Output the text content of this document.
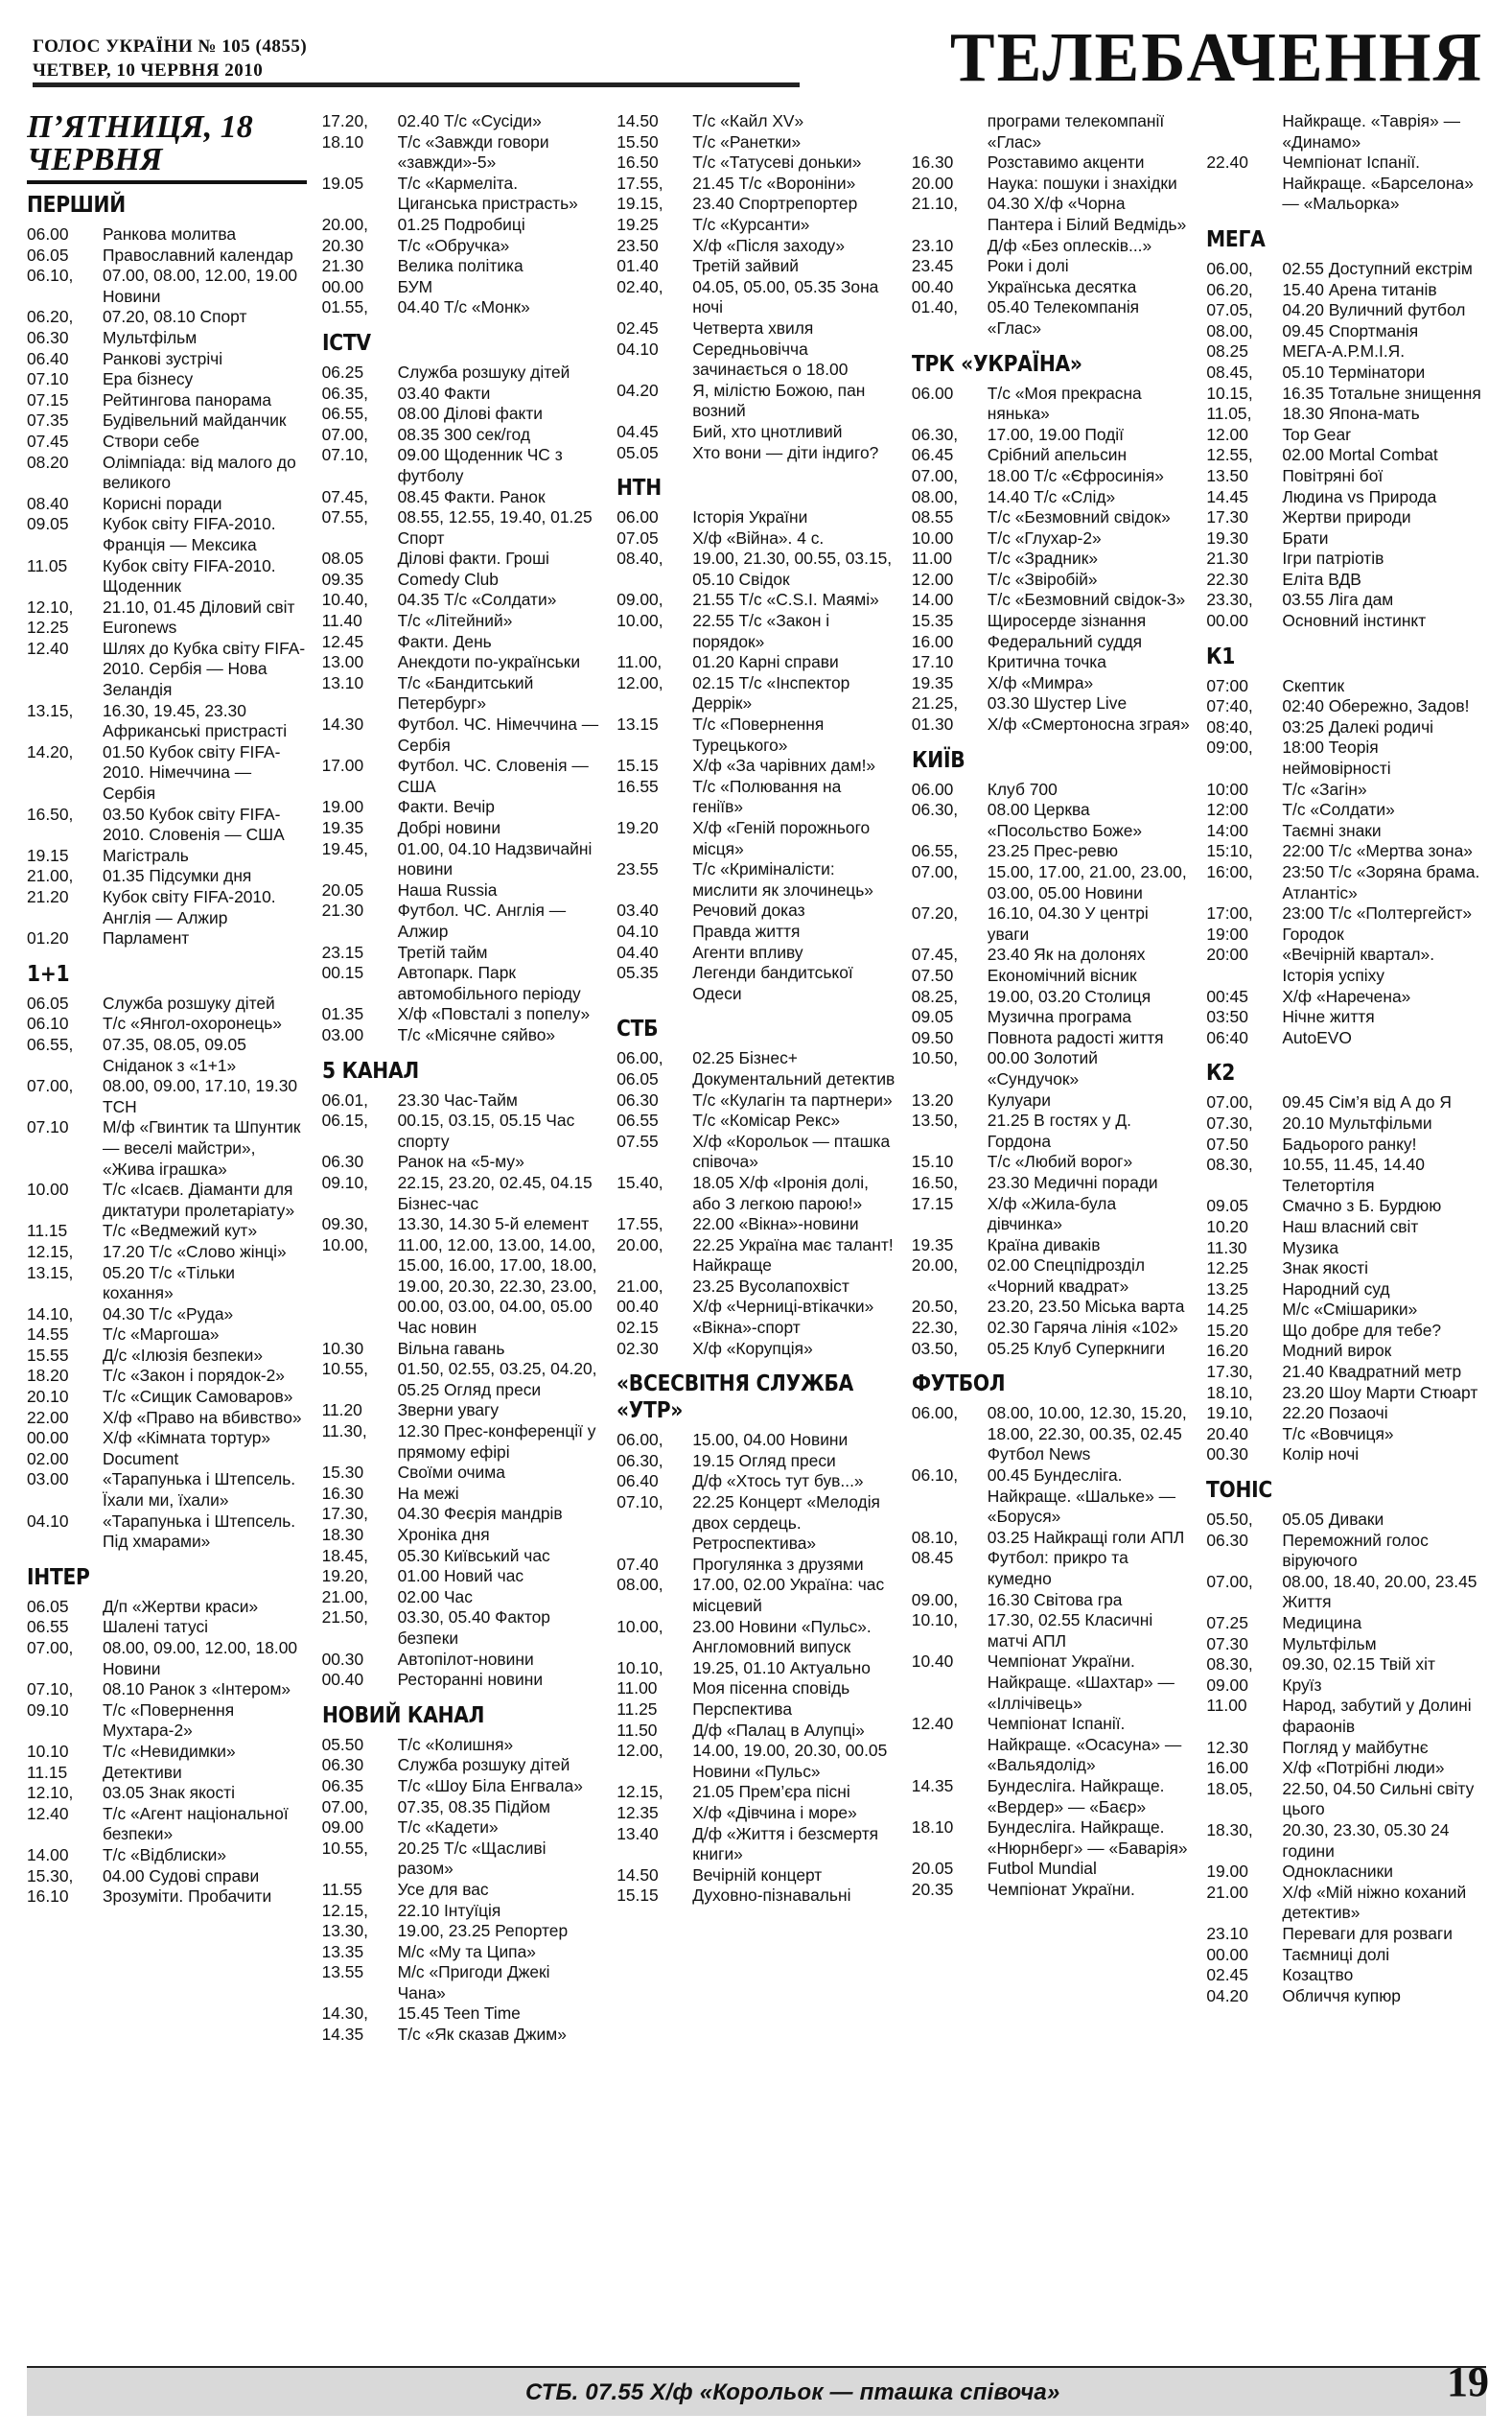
ГОЛОС УКРАЇНИ № 105 (4855)
ЧЕТВЕР, 10 ЧЕРВНЯ 2010	ТЕЛЕБАЧЕННЯ
П’ЯТНИЦЯ, 18 ЧЕРВНЯ
ПЕРШИЙ
06.00 Ранкова молитва
06.05 Православний календар
06.10, 07.00, 08.00, 12.00, 19.00 Новини
06.20, 07.20, 08.10 Спорт
06.30 Мультфільм
06.40 Ранкові зустрічі
07.10 Ера бізнесу
07.15 Рейтингова панорама
07.35 Будівельний майданчик
07.45 Створи себе
08.20 Олімпіада: від малого до великого
08.40 Корисні поради
09.05 Кубок світу FIFA-2010. Франція — Мексика
11.05 Кубок світу FIFA-2010. Щоденник
12.10, 21.10, 01.45 Діловий світ
12.25 Euronews
12.40 Шлях до Кубка світу FIFA-2010. Сербія — Нова Зеландія
13.15, 16.30, 19.45, 23.30 Африканські пристрасті
14.20, 01.50 Кубок світу FIFA-2010. Німеччина — Сербія
16.50, 03.50 Кубок світу FIFA-2010. Словенія — США
19.15 Магістраль
21.00, 01.35 Підсумки дня
21.20 Кубок світу FIFA-2010. Англія — Алжир
01.20 Парламент
1+1
06.05 Служба розшуку дітей
06.10 Т/с «Янгол-охоронець»
06.55, 07.35, 08.05, 09.05 Сніданок з «1+1»
07.00, 08.00, 09.00, 17.10, 19.30 ТСН
07.10 М/ф «Гвинтик та Шпунтик — веселі майстри», «Жива іграшка»
10.00 Т/с «Ісаєв. Діаманти для диктатури пролетаріату»
11.15 Т/с «Ведмежий кут»
12.15, 17.20 Т/с «Слово жінці»
13.15, 05.20 Т/с «Тільки кохання»
14.10, 04.30 Т/с «Руда»
14.55 Т/с «Маргоша»
15.55 Д/с «Ілюзія безпеки»
18.20 Т/с «Закон і порядок-2»
20.10 Т/с «Сищик Самоваров»
22.00 Х/ф «Право на вбивство»
00.00 Х/ф «Кімната тортур»
02.00 Document
03.00 «Тарапунька і Штепсель. Їхали ми, їхали»
04.10 «Тарапунька і Штепсель. Під хмарами»
ІНТЕР
06.05 Д/п «Жертви краси»
06.55 Шалені татусі
07.00, 08.00, 09.00, 12.00, 18.00 Новини
07.10, 08.10 Ранок з «Інтером»
09.10 Т/с «Повернення Мухтара-2»
10.10 Т/с «Невидимки»
11.15 Детективи
12.10, 03.05 Знак якості
12.40 Т/с «Агент національної безпеки»
14.00 Т/с «Відблиски»
15.30, 04.00 Судові справи
16.10 Зрозуміти. Пробачити
17.20, 02.40 Т/с «Сусіди»
18.10 Т/с «Завжди говори «завжди»-5»
19.05 Т/с «Кармеліта. Циганська пристрасть»
20.00, 01.25 Подробиці
20.30 Т/с «Обручка»
21.30 Велика політика
00.00 БУМ
01.55, 04.40 Т/с «Монк»
ICTV
06.25 Служба розшуку дітей
06.35, 03.40 Факти
06.55, 08.00 Ділові факти
07.00, 08.35 300 сек/год
07.10, 09.00 Щоденник ЧС з футболу
07.45, 08.45 Факти. Ранок
07.55, 08.55, 12.55, 19.40, 01.25 Спорт
08.05 Ділові факти. Гроші
09.35 Comedy Club
10.40, 04.35 Т/с «Солдати»
11.40 Т/с «Літейний»
12.45 Факти. День
13.00 Анекдоти по-українськи
13.10 Т/с «Бандитський Петербург»
14.30 Футбол. ЧС. Німеччина — Сербія
17.00 Футбол. ЧС. Словенія — США
19.00 Факти. Вечір
19.35 Добрі новини
19.45, 01.00, 04.10 Надзвичайні новини
20.05 Наша Russia
21.30 Футбол. ЧС. Англія — Алжир
23.15 Третій тайм
00.15 Автопарк. Парк автомобільного періоду
01.35 Х/ф «Повсталі з попелу»
03.00 Т/с «Місячне сяйво»
5 КАНАЛ
06.01, 23.30 Час-Тайм
06.15, 00.15, 03.15, 05.15 Час спорту
06.30 Ранок на «5-му»
09.10, 22.15, 23.20, 02.45, 04.15 Бізнес-час
09.30, 13.30, 14.30 5-й елемент
10.00, 11.00, 12.00, 13.00, 14.00, 15.00, 16.00, 17.00, 18.00, 19.00, 20.30, 22.30, 23.00, 00.00, 03.00, 04.00, 05.00 Час новин
10.30 Вільна гавань
10.55, 01.50, 02.55, 03.25, 04.20, 05.25 Огляд преси
11.20 Зверни увагу
11.30, 12.30 Прес-конференції у прямому ефірі
15.30 Своїми очима
16.30 На межі
17.30, 04.30 Феєрія мандрів
18.30 Хроніка дня
18.45, 05.30 Київський час
19.20, 01.00 Новий час
21.00, 02.00 Час
21.50, 03.30, 05.40 Фактор безпеки
00.30 Автопілот-новини
00.40 Ресторанні новини
НОВИЙ КАНАЛ
05.50 Т/с «Колишня»
06.30 Служба розшуку дітей
06.35 Т/с «Шоу Біла Енгвала»
07.00, 07.35, 08.35 Підйом
09.00 Т/с «Кадети»
10.55, 20.25 Т/с «Щасливі разом»
11.55 Усе для вас
12.15, 22.10 Інтуїція
13.30, 19.00, 23.25 Репортер
13.35 М/с «Му та Ципа»
13.55 М/с «Пригоди Джекі Чана»
14.30, 15.45 Teen Time
14.35 Т/с «Як сказав Джим»
14.50 Т/с «Кайл XV»
15.50 Т/с «Ранетки»
16.50 Т/с «Татусеві доньки»
17.55, 21.45 Т/с «Вороніни»
19.15, 23.40 Спортрепортер
19.25 Т/с «Курсанти»
23.50 Х/ф «Після заходу»
01.40 Третій зайвий
02.40, 04.05, 05.00, 05.35 Зона ночі
02.45 Четверта хвиля
04.10 Середньовічча зачинається о 18.00
04.20 Я, мілістю Божою, пан возний
04.45 Бий, хто цнотливий
05.05 Хто вони — діти індиго?
НТН
06.00 Історія України
07.05 Х/ф «Війна». 4 с.
08.40, 19.00, 21.30, 00.55, 03.15, 05.10 Свідок
09.00, 21.55 Т/с «C.S.I. Маямі»
10.00, 22.55 Т/с «Закон і порядок»
11.00, 01.20 Карні справи
12.00, 02.15 Т/с «Інспектор Деррік»
13.15 Т/с «Повернення Турецького»
15.15 Х/ф «За чарівних дам!»
16.55 Т/с «Полювання на геніїв»
19.20 Х/ф «Геній порожнього місця»
23.55 Т/с «Криміналісти: мислити як злочинець»
03.40 Речовий доказ
04.10 Правда життя
04.40 Агенти впливу
05.35 Легенди бандитської Одеси
СТБ
06.00, 02.25 Бізнес+
06.05 Документальний детектив
06.30 Т/с «Кулагін та партнери»
06.55 Т/с «Комісар Рекс»
07.55 Х/ф «Корольок — пташка співоча»
15.40, 18.05 Х/ф «Іронія долі, або З легкою парою!»
17.55, 22.00 «Вікна»-новини
20.00, 22.25 Україна має талант! Найкраще
21.00, 23.25 Вусолапохвіст
00.40 Х/ф «Черниці-втікачки»
02.15 «Вікна»-спорт
02.30 Х/ф «Корупція»
«ВСЕСВІТНЯ СЛУЖБА «УТР»
06.00, 15.00, 04.00 Новини
06.30, 19.15 Огляд преси
06.40 Д/ф «Хтось тут був...»
07.10, 22.25 Концерт «Мелодія двох сердець. Ретроспектива»
07.40 Прогулянка з друзями
08.00, 17.00, 02.00 Україна: час місцевий
10.00, 23.00 Новини «Пульс». Англомовний випуск
10.10, 19.25, 01.10 Актуально
11.00 Моя пісенна сповідь
11.25 Перспектива
11.50 Д/ф «Палац в Алупці»
12.00, 14.00, 19.00, 20.30, 00.05 Новини «Пульс»
12.15, 21.05 Прем’єра пісні
12.35 Х/ф «Дівчина і море»
13.40 Д/ф «Життя і безсмертя книги»
14.50 Вечірній концерт
15.15 Духовно-пізнавальні
програми телекомпанії «Глас»
16.30 Розставимо акценти
20.00 Наука: пошуки і знахідки
21.10, 04.30 Х/ф «Чорна Пантера і Білий Ведмідь»
23.10 Д/ф «Без оплесків...»
23.45 Роки і долі
00.40 Українська десятка
01.40, 05.40 Телекомпанія «Глас»
ТРК «УКРАЇНА»
06.00 Т/с «Моя прекрасна нянька»
06.30, 17.00, 19.00 Події
06.45 Срібний апельсин
07.00, 18.00 Т/с «Єфросинія»
08.00, 14.40 Т/с «Слід»
08.55 Т/с «Безмовний свідок»
10.00 Т/с «Глухар-2»
11.00 Т/с «Зрадник»
12.00 Т/с «Звіробій»
14.00 Т/с «Безмовний свідок-3»
15.35 Щиросерде зізнання
16.00 Федеральний суддя
17.10 Критична точка
19.35 Х/ф «Мимра»
21.25, 03.30 Шустер Live
01.30 Х/ф «Смертоносна згрaя»
КИЇВ
06.00 Клуб 700
06.30, 08.00 Церква «Посольство Боже»
06.55, 23.25 Прес-ревю
07.00, 15.00, 17.00, 21.00, 23.00, 03.00, 05.00 Новини
07.20, 16.10, 04.30 У центрі уваги
07.45, 23.40 Як на долонях
07.50 Економічний вісник
08.25, 19.00, 03.20 Столиця
09.05 Музична програма
09.50 Повнота радості життя
10.50, 00.00 Золотий «Сундучок»
13.20 Кулуари
13.50, 21.25 В гостях у Д. Гордона
15.10 Т/с «Любий ворог»
16.50, 23.30 Медичні поради
17.15 Х/ф «Жила-була дівчинка»
19.35 Країна диваків
20.00, 02.00 Спецпідрозділ «Чорний квадрат»
20.50, 23.20, 23.50 Міська варта
22.30, 02.30 Гаряча лінія «102»
03.50, 05.25 Клуб Суперкниги
ФУТБОЛ
06.00, 08.00, 10.00, 12.30, 15.20, 18.00, 22.30, 00.35, 02.45 Футбол News
06.10, 00.45 Бундесліга. Найкраще. «Шальке» — «Боруся»
08.10, 03.25 Найкращі голи АПЛ
08.45 Футбол: прикро та кумедно
09.00, 16.30 Світова гра
10.10, 17.30, 02.55 Класичні матчі АПЛ
10.40 Чемпіонат України. Найкраще. «Шахтар» — «Іллічівець»
12.40 Чемпіонат Іспанії. Найкраще. «Осасуна» — «Вальядолід»
14.35 Бундесліга. Найкраще. «Вердер» — «Баєр»
18.10 Бундесліга. Найкраще. «Нюрнберг» — «Баварія»
20.05 Futbol Mundial
20.35 Чемпіонат України.
Найкраще. «Таврія» — «Динамо»
22.40 Чемпіонат Іспанії. Найкраще. «Барселона» — «Мальорка»
МЕГА
06.00, 02.55 Доступний екстрім
06.20, 15.40 Арена титанів
07.05, 04.20 Вуличний футбол
08.00, 09.45 Спортманія
08.25 МЕГА-А.Р.М.І.Я.
08.45, 05.10 Термінатори
10.15, 16.35 Тотальне знищення
11.05, 18.30 Японa-мать
12.00 Top Gear
12.55, 02.00 Mortal Combat
13.50 Повітряні бої
14.45 Людина vs Природа
17.30 Жертви природи
19.30 Брати
21.30 Ігри патріотів
22.30 Еліта ВДВ
23.30, 03.55 Ліга дам
00.00 Основний інстинкт
К1
07:00 Скептик
07:40, 02:40 Обережно, Задов!
08:40, 03:25 Далекі родичі
09:00, 18:00 Теорія неймовірності
10:00 Т/с «Загін»
12:00 Т/с «Солдати»
14:00 Таємні знаки
15:10, 22:00 Т/с «Мертва зона»
16:00, 23:50 Т/с «Зоряна брама. Атлантіс»
17:00, 23:00 Т/с «Полтергейст»
19:00 Городок
20:00 «Вечірній квартал». Історія успіху
00:45 Х/ф «Наречена»
03:50 Нічне життя
06:40 AutoEVO
К2
07.00, 09.45 Сім’я від А до Я
07.30, 20.10 Мультфільми
07.50 Бадьорого ранку!
08.30, 10.55, 11.45, 14.40 Телетортіля
09.05 Смачно з Б. Бурдюю
10.20 Наш власний світ
11.30 Музика
12.25 Знак якості
13.25 Народний суд
14.25 М/с «Смішарики»
15.20 Що добре для тебе?
16.20 Модний вирок
17.30, 21.40 Квадратний метр
18.10, 23.20 Шоу Марти Стюарт
19.10, 22.20 Позаочі
20.40 Т/с «Вовчиця»
00.30 Колір ночі
ТОНІС
05.50, 05.05 Диваки
06.30 Переможний голос віруючого
07.00, 08.00, 18.40, 20.00, 23.45 Життя
07.25 Медицина
07.30 Мультфільм
08.30, 09.30, 02.15 Твій хіт
09.00 Круїз
11.00 Народ, забутий у Долині фараонів
12.30 Погляд у майбутнє
16.00 Х/ф «Потрібні люди»
18.05, 22.50, 04.50 Сильні світу цього
18.30, 20.30, 23.30, 05.30 24 години
19.00 Однокласники
21.00 Х/ф «Мій ніжно коханий детектив»
23.10 Переваги для розваги
00.00 Таємниці долі
02.45 Козацтво
04.20 Обличчя купюр
СТБ. 07.55 Х/ф «Корольок — пташка співоча»	19
